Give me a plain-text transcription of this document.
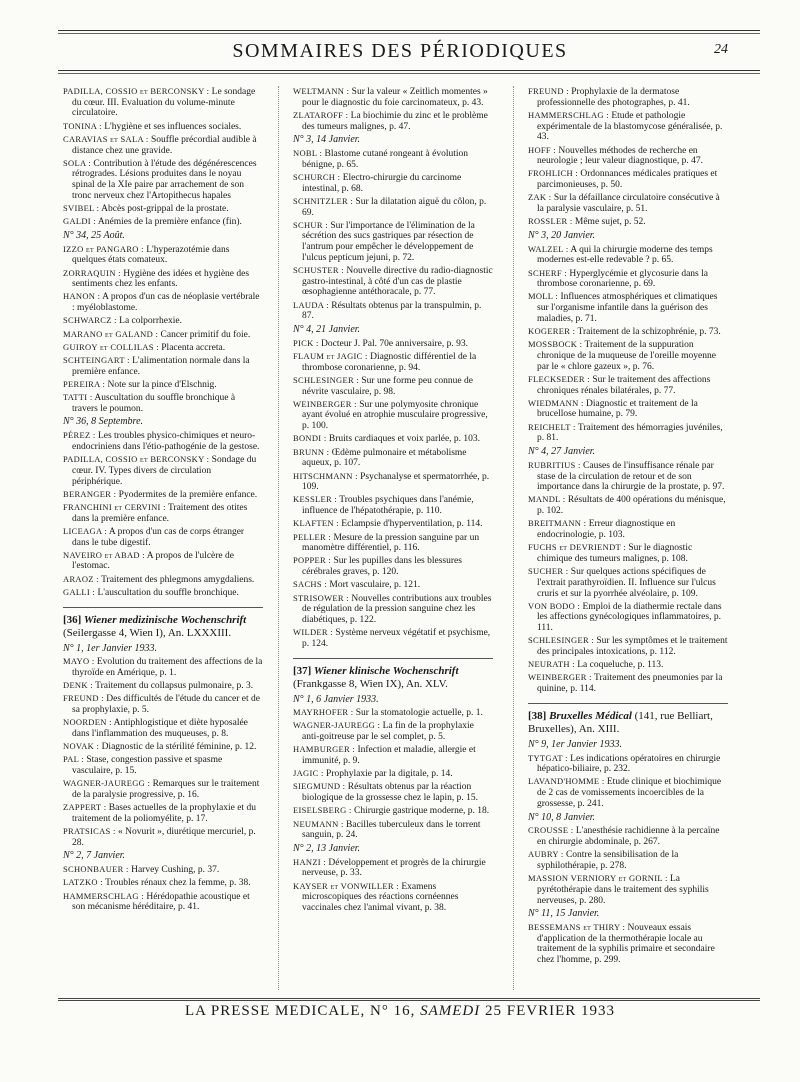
SOMMAIRES DES PÉRIODIQUES	24
PADILLA, COSSIO et BERCONSKY : Le sondage du cœur. III. Evaluation du volume-minute circulatoire.
TONINA : L'hygiène et ses influences sociales.
CARAVIAS et SALA : Souffle précordial audible à distance chez une gravide.
SOLA : Contribution à l'étude des dégénérescences rétrogrades. Lésions produites dans le noyau spinal de la XIe paire par arrachement de son tronc nerveux chez l'Artopithecus hapales
SVIBEL : Abcès post-grippal de la prostate.
GALDI : Anémies de la première enfance (fin).
N° 34, 25 Août.
IZZO et PANGARO : L'hyperazotémie dans quelques états comateux.
ZORRAQUIN : Hygiène des idées et hygiène des sentiments chez les enfants.
HANON : A propos d'un cas de néoplasie vertébrale : myéloblastome.
SCHWARCZ : La colporrhexie.
MARANO et GALAND : Cancer primitif du foie.
GUIROY et COLLILAS : Placenta accreta.
SCHTEINGART : L'alimentation normale dans la première enfance.
PEREIRA : Note sur la pince d'Elschnig.
TATTI : Auscultation du souffle bronchique à travers le poumon.
N° 36, 8 Septembre.
PÉREZ : Les troubles physico-chimiques et neuro-endocriniens dans l'étio-pathogénie de la gestose.
PADILLA, COSSIO et BERCONSKY : Sondage du cœur. IV. Types divers de circulation périphérique.
BERANGER : Pyodermites de la première enfance.
FRANCHINI et CERVINI : Traitement des otites dans la première enfance.
LICEAGA : A propos d'un cas de corps étranger dans le tube digestif.
NAVEIRO et ABAD : A propos de l'ulcère de l'estomac.
ARAOZ : Traitement des phlegmons amygdaliens.
GALLI : L'auscultation du souffle bronchique.
[36] Wiener medizinische Wochenschrift (Seilergasse 4, Wien I), An. LXXXIII.
N° 1, 1er Janvier 1933.
MAYO : Evolution du traitement des affections de la thyroïde en Amérique, p. 1.
DENK : Traitement du collapsus pulmonaire, p. 3.
FREUND : Des difficultés de l'étude du cancer et de sa prophylaxie, p. 5.
NOORDEN : Antiphlogistique et diète hyposalée dans l'inflammation des muqueuses, p. 8.
NOVAK : Diagnostic de la stérilité féminine, p. 12.
PAL : Stase, congestion passive et spasme vasculaire, p. 15.
WAGNER-JAUREGG : Remarques sur le traitement de la paralysie progressive, p. 16.
ZAPPERT : Bases actuelles de la prophylaxie et du traitement de la poliomyélite, p. 17.
PRATSICAS : « Novurit », diurétique mercuriel, p. 28.
N° 2, 7 Janvier.
SCHONBAUER : Harvey Cushing, p. 37.
LATZKO : Troubles rénaux chez la femme, p. 38.
HAMMERSCHLAG : Hérédopathie acoustique et son mécanisme héréditaire, p. 41.
WELTMANN : Sur la valeur « Zeitlich momentes » pour le diagnostic du foie carcinomateux, p. 43.
ZLATAROFF : La biochimie du zinc et le problème des tumeurs malignes, p. 47.
N° 3, 14 Janvier.
NOBL : Blastome cutané rongeant à évolution bénigne, p. 65.
SCHURCH : Electro-chirurgie du carcinome intestinal, p. 68.
SCHNITZLER : Sur la dilatation aiguë du côlon, p. 69.
SCHUR : Sur l'importance de l'élimination de la sécrétion des sucs gastriques par résection de l'antrum pour empêcher le développement de l'ulcus pepticum jejuni, p. 72.
SCHUSTER : Nouvelle directive du radio-diagnostic gastro-intestinal, à côté d'un cas de plastie œsophagienne antéthoracale, p. 77.
LAUDA : Résultats obtenus par la transpulmin, p. 87.
N° 4, 21 Janvier.
PICK : Docteur J. Pal. 70e anniversaire, p. 93.
FLAUM et JAGIC : Diagnostic différentiel de la thrombose coronarienne, p. 94.
SCHLESINGER : Sur une forme peu connue de névrite vasculaire, p. 98.
WEINBERGER : Sur une polymyosite chronique ayant évolué en atrophie musculaire progressive, p. 100.
BONDI : Bruits cardiaques et voix parlée, p. 103.
BRUNN : Œdème pulmonaire et métabolisme aqueux, p. 107.
HITSCHMANN : Psychanalyse et spermatorrhée, p. 109.
KESSLER : Troubles psychiques dans l'anémie, influence de l'hépatothérapie, p. 110.
KLAFTEN : Eclampsie d'hyperventilation, p. 114.
PELLER : Mesure de la pression sanguine par un manomètre différentiel, p. 116.
POPPER : Sur les pupilles dans les blessures cérébrales graves, p. 120.
SACHS : Mort vasculaire, p. 121.
STRISOWER : Nouvelles contributions aux troubles de régulation de la pression sanguine chez les diabétiques, p. 122.
WILDER : Système nerveux végétatif et psychisme, p. 124.
[37] Wiener klinische Wochenschrift (Frankgasse 8, Wien IX), An. XLV.
N° 1, 6 Janvier 1933.
MAYRHOFER : Sur la stomatologie actuelle, p. 1.
WAGNER-JAUREGG : La fin de la prophylaxie anti-goitreuse par le sel complet, p. 5.
HAMBURGER : Infection et maladie, allergie et immunité, p. 9.
JAGIC : Prophylaxie par la digitale, p. 14.
SIEGMUND : Résultats obtenus par la réaction biologique de la grossesse chez le lapin, p. 15.
EISELSBERG : Chirurgie gastrique moderne, p. 18.
NEUMANN : Bacilles tuberculeux dans le torrent sanguin, p. 24.
N° 2, 13 Janvier.
HANZI : Développement et progrès de la chirurgie nerveuse, p. 33.
KAYSER et VONWILLER : Examens microscopiques des réactions cornéennes vaccinales chez l'animal vivant, p. 38.
FREUND : Prophylaxie de la dermatose professionnelle des photographes, p. 41.
HAMMERSCHLAG : Etude et pathologie expérimentale de la blastomycose généralisée, p. 43.
HOFF : Nouvelles méthodes de recherche en neurologie ; leur valeur diagnostique, p. 47.
FROHLICH : Ordonnances médicales pratiques et parcimonieuses, p. 50.
ZAK : Sur la défaillance circulatoire consécutive à la paralysie vasculaire, p. 51.
ROSSLER : Même sujet, p. 52.
N° 3, 20 Janvier.
WALZEL : A qui la chirurgie moderne des temps modernes est-elle redevable ? p. 65.
SCHERF : Hyperglycémie et glycosurie dans la thrombose coronarienne, p. 69.
MOLL : Influences atmosphériques et climatiques sur l'organisme infantile dans la guérison des maladies, p. 71.
KOGERER : Traitement de la schizophrénie, p. 73.
MOSSBOCK : Traitement de la suppuration chronique de la muqueuse de l'oreille moyenne par le « chlore gazeux », p. 76.
FLECKSEDER : Sur le traitement des affections chroniques rénales bilatérales, p. 77.
WIEDMANN : Diagnostic et traitement de la brucellose humaine, p. 79.
REICHELT : Traitement des hémorragies juvéniles, p. 81.
N° 4, 27 Janvier.
RUBRITIUS : Causes de l'insuffisance rénale par stase de la circulation de retour et de son importance dans la chirurgie de la prostate, p. 97.
MANDL : Résultats de 400 opérations du ménisque, p. 102.
BREITMANN : Erreur diagnostique en endocrinologie, p. 103.
FUCHS et DEVRIENDT : Sur le diagnostic chimique des tumeurs malignes, p. 108.
SUCHER : Sur quelques actions spécifiques de l'extrait parathyroïdien. II. Influence sur l'ulcus cruris et sur la pyorrhée alvéolaire, p. 109.
VON BODO : Emploi de la diathermie rectale dans les affections gynécologiques inflammatoires, p. 111.
SCHLESINGER : Sur les symptômes et le traitement des principales intoxications, p. 112.
NEURATH : La coqueluche, p. 113.
WEINBERGER : Traitement des pneumonies par la quinine, p. 114.
[38] Bruxelles Médical (141, rue Belliart, Bruxelles), An. XIII.
N° 9, 1er Janvier 1933.
TYTGAT : Les indications opératoires en chirurgie hépatico-biliaire, p. 232.
LAVAND'HOMME : Etude clinique et biochimique de 2 cas de vomissements incoercibles de la grossesse, p. 241.
N° 10, 8 Janvier.
CROUSSE : L'anesthésie rachidienne à la percaïne en chirurgie abdominale, p. 267.
AUBRY : Contre la sensibilisation de la syphilothérapie, p. 278.
MASSION VERNIORY et GORNIL : La pyrétothérapie dans le traitement des syphilis nerveuses, p. 280.
N° 11, 15 Janvier.
BESSEMANS et THIRY : Nouveaux essais d'application de la thermothérapie locale au traitement de la syphilis primaire et secondaire chez l'homme, p. 299.
LA PRESSE MEDICALE, N° 16, SAMEDI 25 FEVRIER 1933
